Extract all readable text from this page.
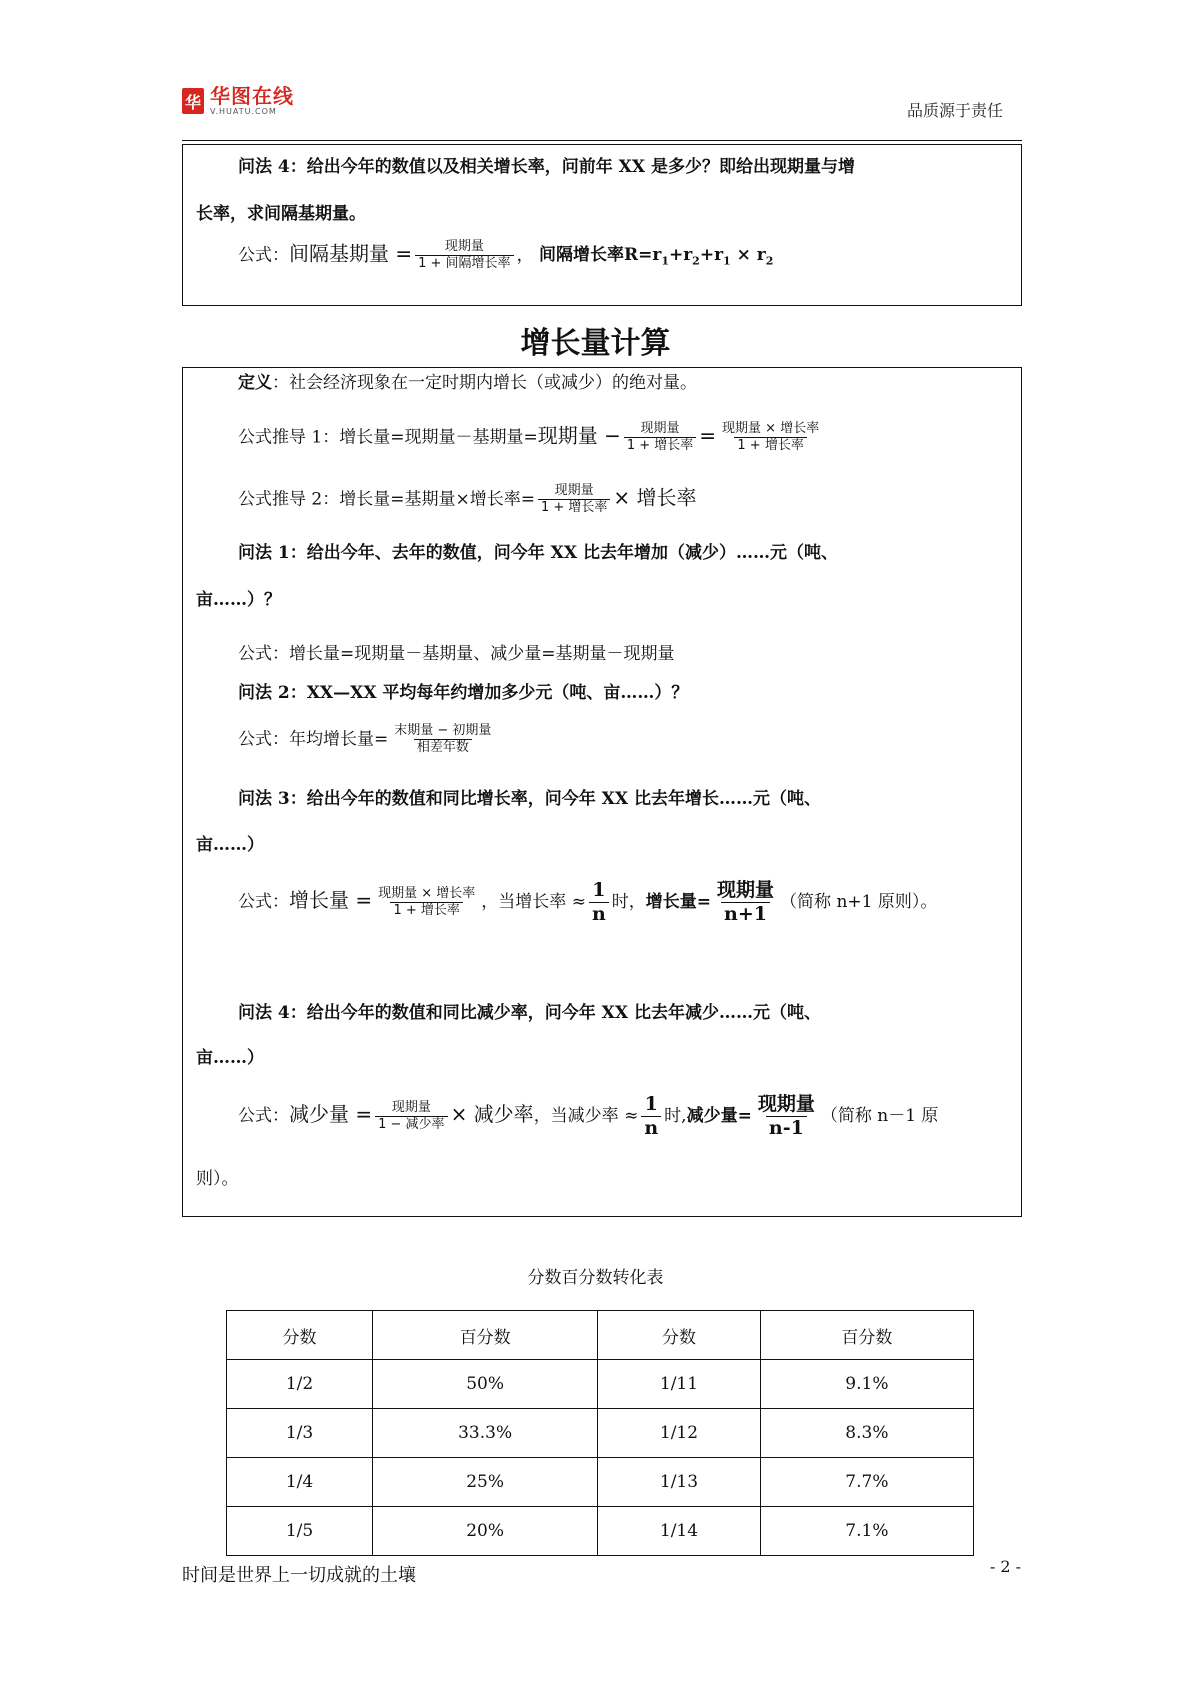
华 华图在线
V.HUATU.COM	品质源于责任
问法 4：给出今年的数值以及相关增长率，问前年 XX 是多少？即给出现期量与增
长率，求间隔基期量。
公式：间隔基期量 = $\frac{\text{现期量}}{\text{1 + 间隔增长率}}$ ， 间隔增长率$R=r_1+r_2+r_1 \times r_2$
增长量计算
定义：社会经济现象在一定时期内增长（或减少）的绝对量。
公式推导 1：增长量=现期量－基期量=现期量 − $\frac{\text{现期量}}{\text{1 + 增长率}} = \frac{\text{现期量 × 增长率}}{\text{1 + 增长率}}$
公式推导 2：增长量=基期量×增长率= $\frac{\text{现期量}}{\text{1 + 增长率}}$ × 增长率
问法 1：给出今年、去年的数值，问今年 XX 比去年增加（减少）……元（吨、
亩……）？
公式：增长量=现期量－基期量、减少量=基期量－现期量
问法 2：XX—XX 平均每年约增加多少元（吨、亩……）？
公式：年均增长量= $\frac{\text{末期量 − 初期量}}{\text{相差年数}}$
问法 3：给出今年的数值和同比增长率，问今年 XX 比去年增长……元（吨、
亩……）
公式：增长量 = $\frac{\text{现期量 × 增长率}}{\text{1 + 增长率}}$ ，当增长率 ≈ $\frac{1}{n}$ 时，增长量= $\frac{\text{现期量}}{n+1}$ （简称 n+1 原则）。
问法 4：给出今年的数值和同比减少率，问今年 XX 比去年减少……元（吨、
亩……）
公式：减少量 = $\frac{\text{现期量}}{\text{1 − 减少率}}$ × 减少率，当减少率 ≈ $\frac{1}{n}$ 时,减少量= $\frac{\text{现期量}}{n-1}$ （简称 n－1 原
则）。
分数百分数转化表
分数	百分数	分数	百分数
1/2	50%	1/11	9.1%
1/3	33.3%	1/12	8.3%
1/4	25%	1/13	7.7%
1/5	20%	1/14	7.1%
时间是世界上一切成就的土壤	- 2 -
